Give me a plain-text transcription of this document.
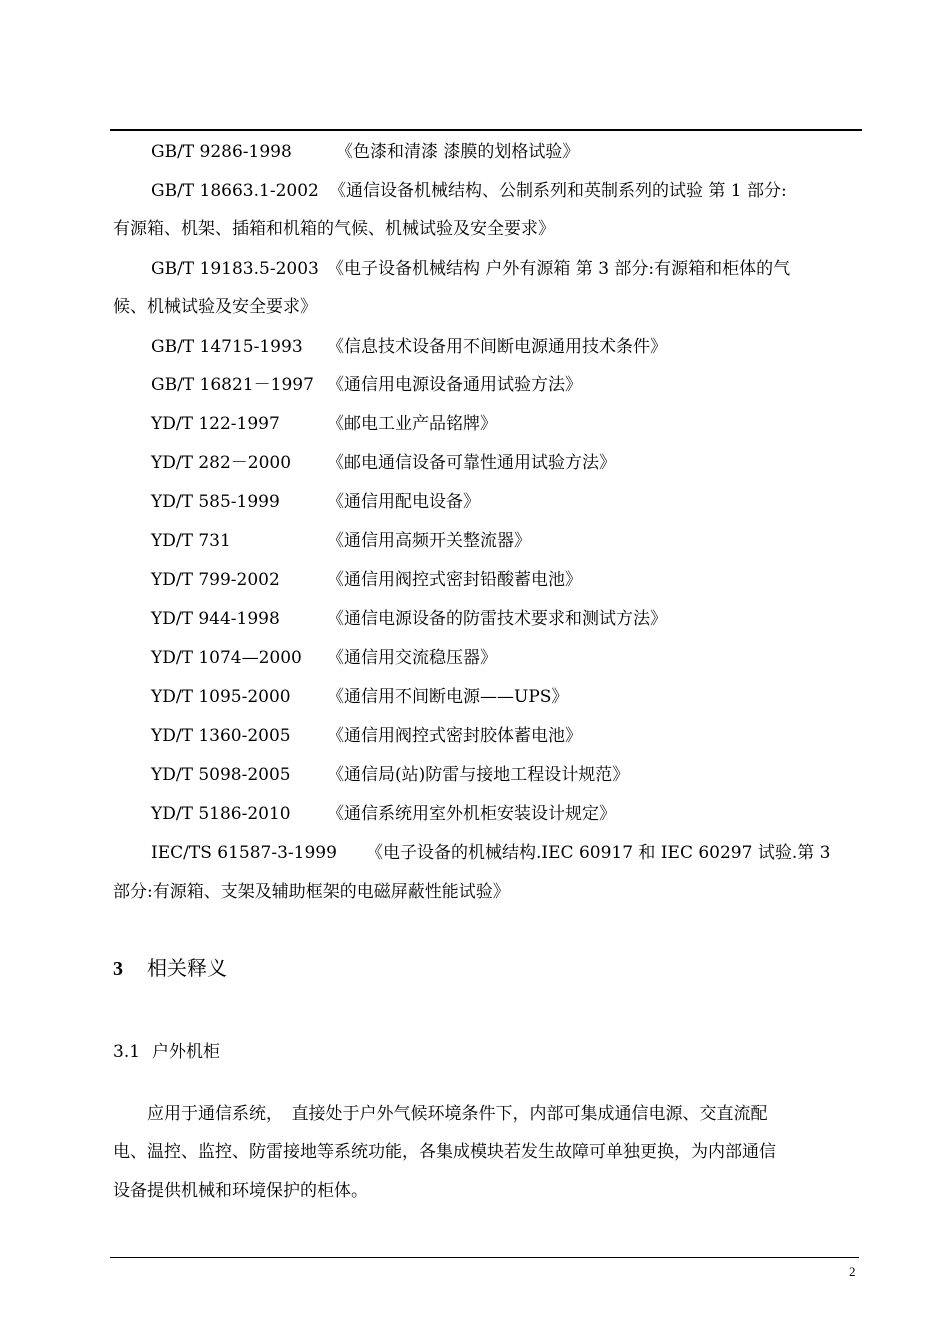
GB/T 9286-1998	《色漆和清漆 漆膜的划格试验》
GB/T 18663.1-2002 《通信设备机械结构、公制系列和英制系列的试验 第 1 部分:
有源箱、机架、插箱和机箱的气候、机械试验及安全要求》
GB/T 19183.5-2003 《电子设备机械结构 户外有源箱 第 3 部分:有源箱和柜体的气
候、机械试验及安全要求》
GB/T 14715-1993 《信息技术设备用不间断电源通用技术条件》
GB/T 16821－1997 《通信用电源设备通用试验方法》
YD/T 122-1997	《邮电工业产品铭牌》
YD/T 282－2000 《邮电通信设备可靠性通用试验方法》
YD/T 585-1999	《通信用配电设备》
YD/T 731	《通信用高频开关整流器》
YD/T 799-2002	《通信用阀控式密封铅酸蓄电池》
YD/T 944-1998	《通信电源设备的防雷技术要求和测试方法》
YD/T 1074—2000 《通信用交流稳压器》
YD/T 1095-2000 《通信用不间断电源——UPS》
YD/T 1360-2005 《通信用阀控式密封胶体蓄电池》
YD/T 5098-2005 《通信局(站)防雷与接地工程设计规范》
YD/T 5186-2010 《通信系统用室外机柜安装设计规定》
IEC/TS 61587-3-1999 《电子设备的机械结构.IEC 60917 和 IEC 60297 试验.第 3
部分:有源箱、支架及辅助框架的电磁屏蔽性能试验》
3 相关释义
3.1 户外机柜
　　应用于通信系统，　直接处于户外气候环境条件下，内部可集成通信电源、交直流配
电、温控、监控、防雷接地等系统功能，各集成模块若发生故障可单独更换，为内部通信
设备提供机械和环境保护的柜体。
2
